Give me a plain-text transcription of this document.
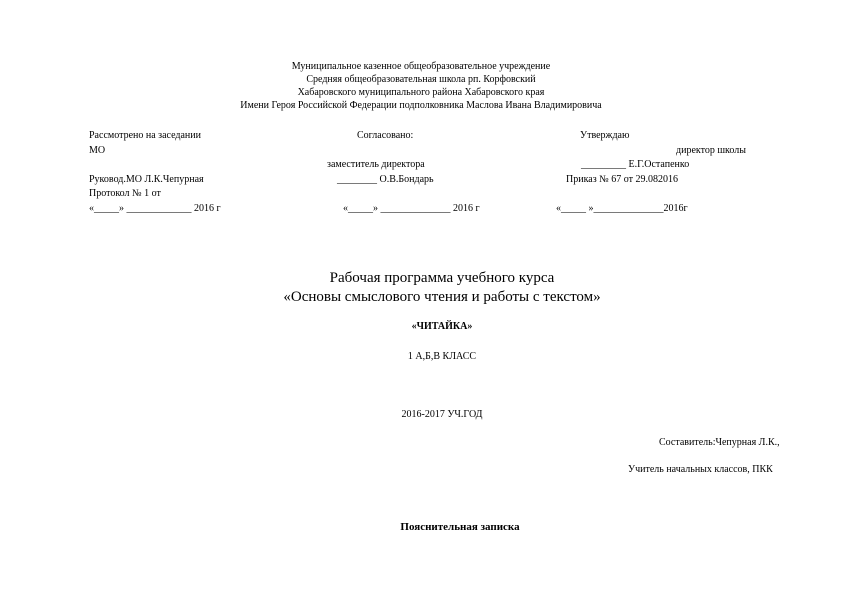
Муниципальное казенное общеобразовательное учреждение
Средняя общеобразовательная школа рп. Корфовский
Хабаровского муниципального района Хабаровского края
Имени Героя Российской Федерации подполковника Маслова Ивана Владимировича
Рассмотрено на заседании
МО
Руковод.МО Л.К.Чепурная
Протокол № 1 от
«_____» _____________ 2016 г
Согласовано:
заместитель директора
________ О.В.Бондарь
«_____» ______________ 2016 г
Утверждаю
директор школы
_________ Е.Г.Остапенко
Приказ № 67 от 29.082016
«_____ »______________2016г
Рабочая программа учебного курса
«Основы смыслового чтения и работы с текстом»
«ЧИТАЙКА»
1 А,Б,В КЛАСС
2016-2017 УЧ.ГОД
Составитель:Чепурная Л.К.,
Учитель начальных классов, ПКК
Пояснительная записка
